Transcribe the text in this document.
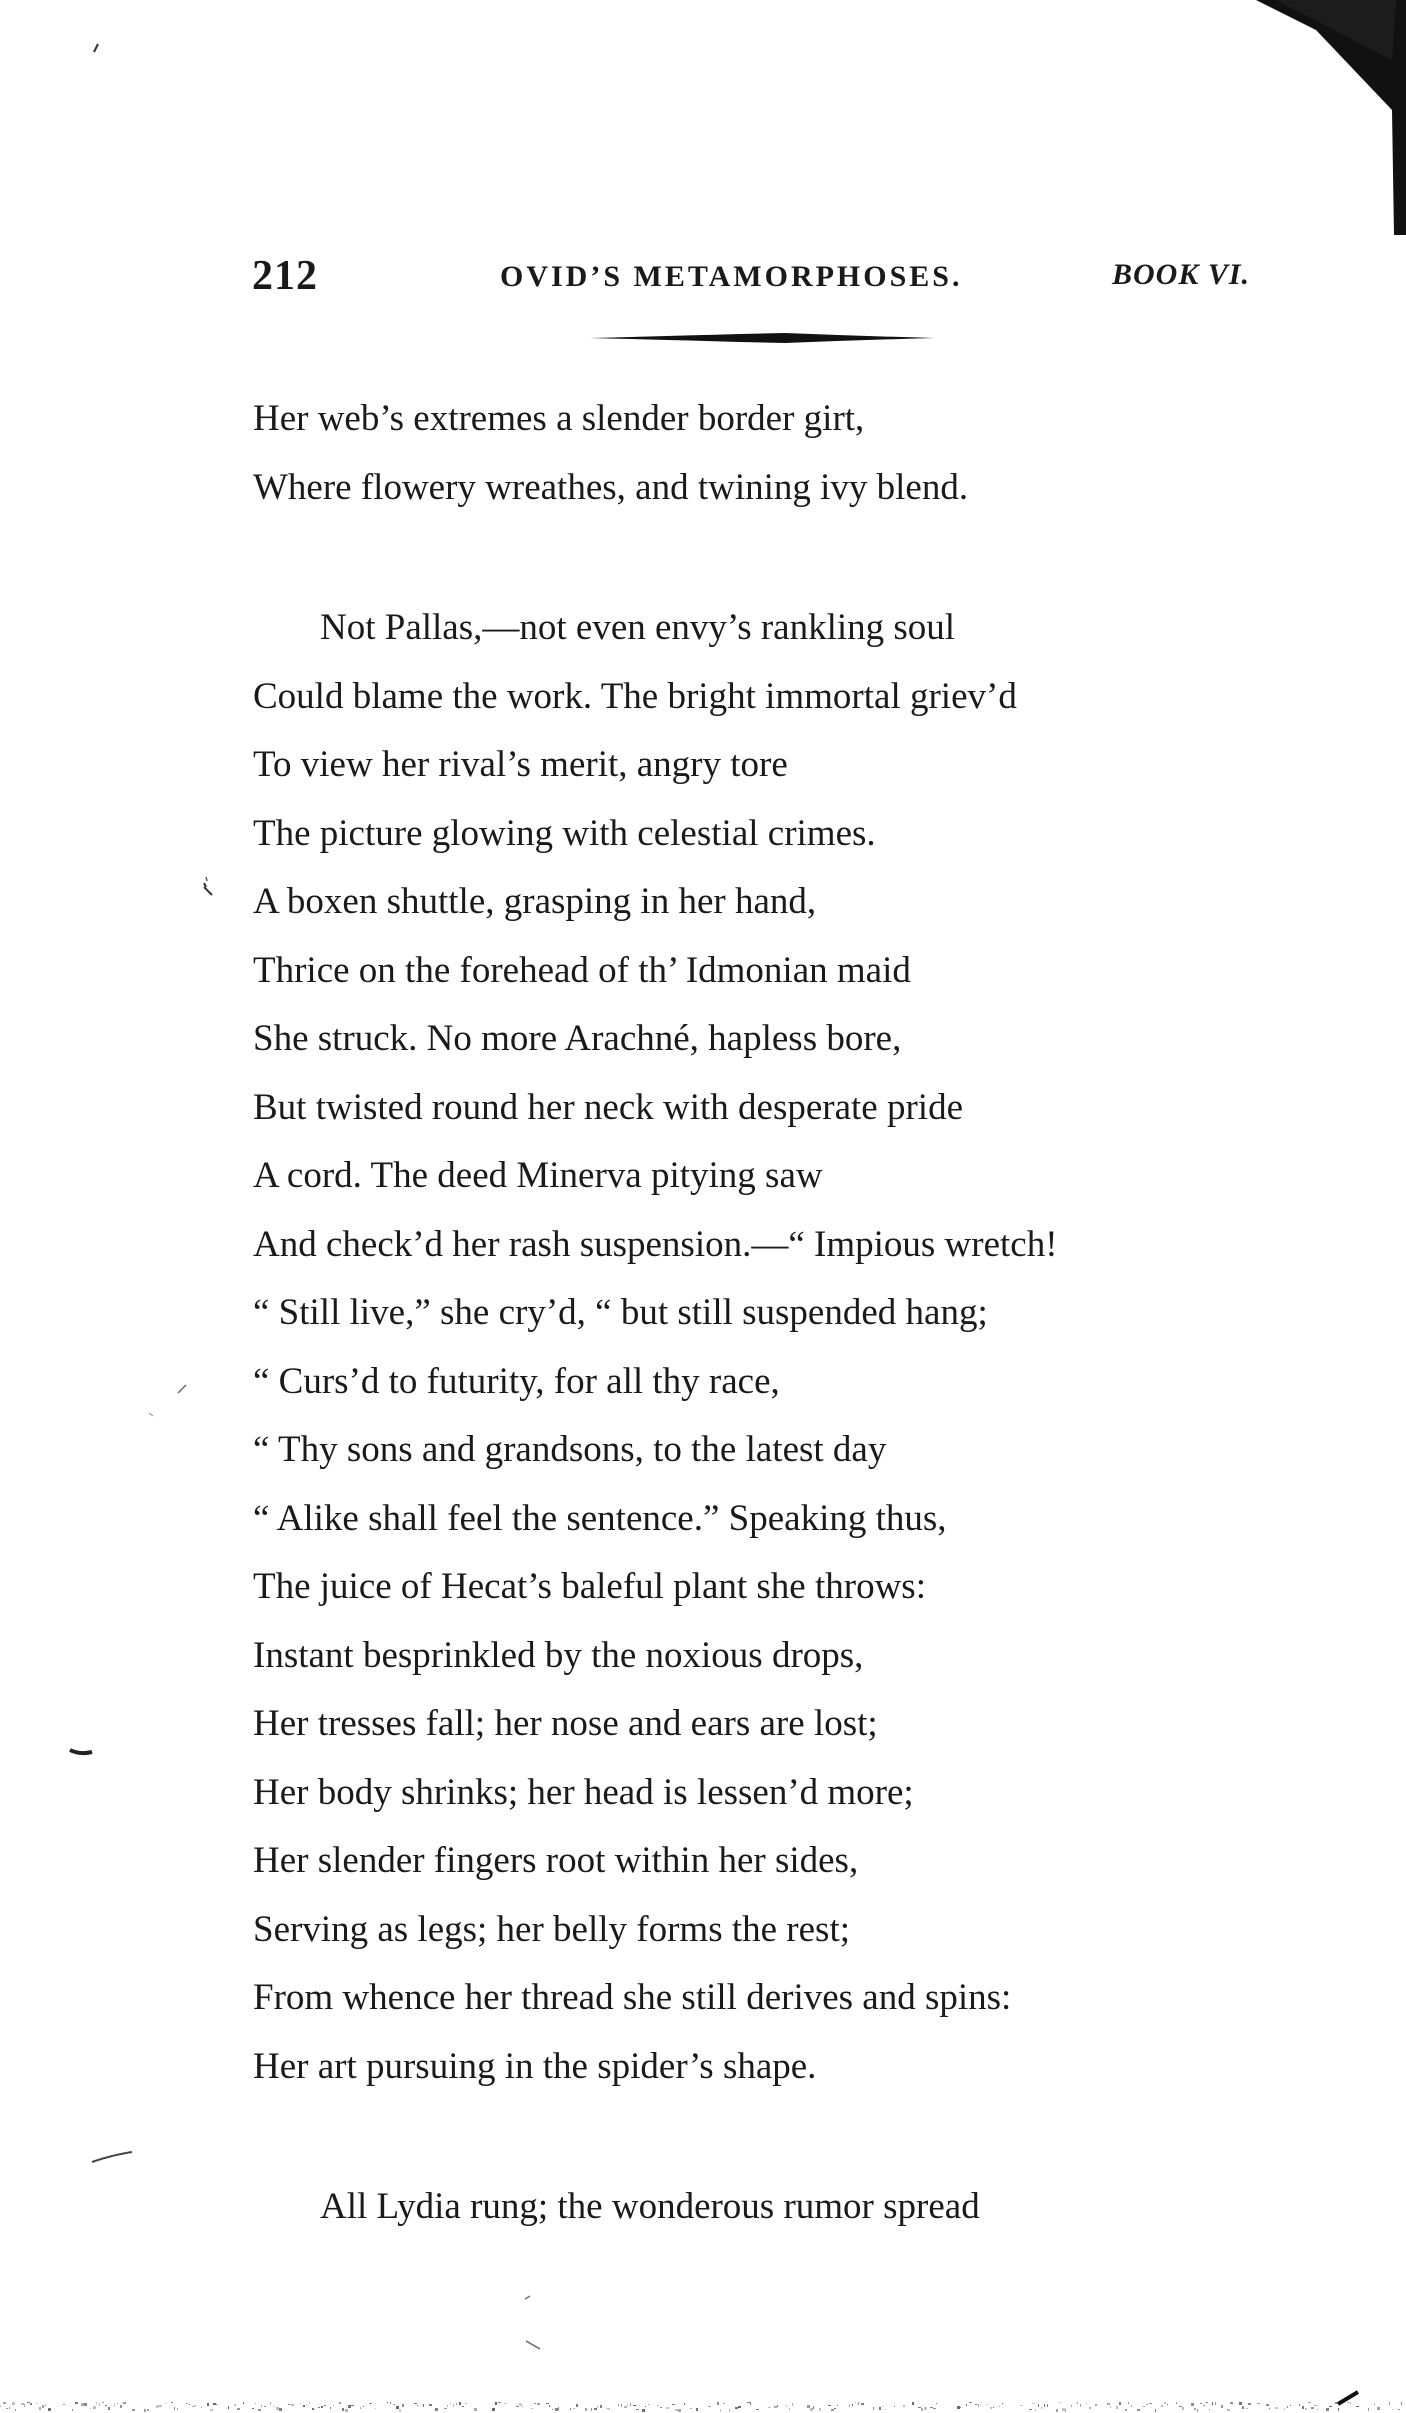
212	OVID’S METAMORPHOSES.	BOOK VI.
Her web’s extremes a slender border girt,
Where flowery wreathes, and twining ivy blend.
Not Pallas,—not even envy’s rankling soul
Could blame the work. The bright immortal griev’d
To view her rival’s merit, angry tore
The picture glowing with celestial crimes.
A boxen shuttle, grasping in her hand,
Thrice on the forehead of th’ Idmonian maid
She struck. No more Arachné, hapless bore,
But twisted round her neck with desperate pride
A cord. The deed Minerva pitying saw
And check’d her rash suspension.—“ Impious wretch!
“ Still live,” she cry’d, “ but still suspended hang;
“ Curs’d to futurity, for all thy race,
“ Thy sons and grandsons, to the latest day
“ Alike shall feel the sentence.” Speaking thus,
The juice of Hecat’s baleful plant she throws:
Instant besprinkled by the noxious drops,
Her tresses fall; her nose and ears are lost;
Her body shrinks; her head is lessen’d more;
Her slender fingers root within her sides,
Serving as legs; her belly forms the rest;
From whence her thread she still derives and spins:
Her art pursuing in the spider’s shape.
All Lydia rung; the wonderous rumor spread
